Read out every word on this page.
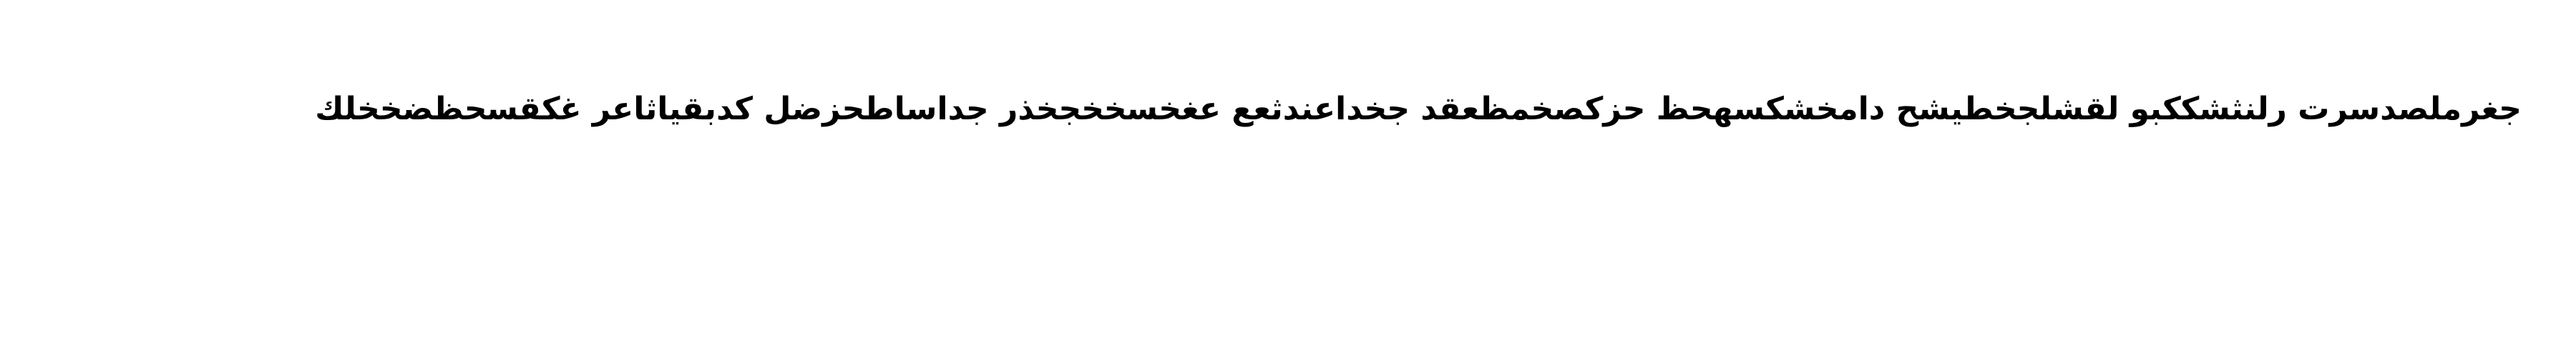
جغرملصدسرت رلنثشككبو لقشلجخطيشح دامخشكسهحظ حزكصخمظعقد جخداعندثعع عغخسخخجخذر جداساطحزضل كدبقياثاعر غكقسحظضخخلك
